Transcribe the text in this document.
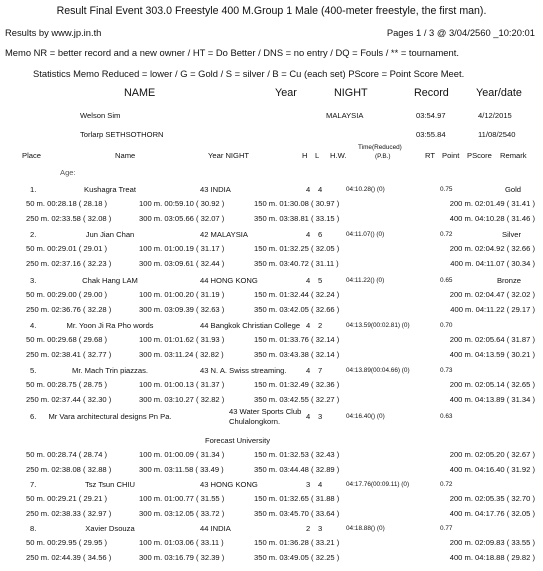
Result Final Event 303.0 Freestyle 400 M.Group 1 Male (400-meter freestyle, the first man).
Results by www.jp.in.th	Pages 1 / 3 @ 3/04/2560 _10:20:01
Memo NR = better record and a new owner / HT = Do Better / DNS = no entry / DQ = Fouls / ** = tournament.
Statistics Memo Reduced = lower / G = Gold / S = silver / B = Cu (each set) PScore = Point Score Meet.
NAME	Year	NIGHT	Record	Year/date
Welson Sim	MALAYSIA	03:54.97	4/12/2015
Torlarp SETHSOTHORN	03:55.84	11/08/2540
Place	Name	Year NIGHT	H L H.W.
Time(Reduced)
(P.B.)	RT Point PScore Remark
Age:
1.	Kushagra Treat	43 INDIA	4 4	04:10.28() (0)	0.75	Gold
50 m. 00:28.18 ( 28.18 )	100 m. 00:59.10 ( 30.92 )	150 m. 01:30.08 ( 30.97 )	200 m. 02:01.49 ( 31.41 )
250 m. 02:33.58 ( 32.08 )	300 m. 03:05.66 ( 32.07 )	350 m. 03:38.81 ( 33.15 )	400 m. 04:10.28 ( 31.46 )
2.	Jun Jian Chan	42 MALAYSIA	4 6	04:11.07() (0)	0.72	Silver
50 m. 00:29.01 ( 29.01 )	100 m. 01:00.19 ( 31.17 )	150 m. 01:32.25 ( 32.05 )	200 m. 02:04.92 ( 32.66 )
250 m. 02:37.16 ( 32.23 )	300 m. 03:09.61 ( 32.44 )	350 m. 03:40.72 ( 31.11 )	400 m. 04:11.07 ( 30.34 )
3.	Chak Hang LAM	44 HONG KONG	4 5	04:11.22() (0)	0.65	Bronze
50 m. 00:29.00 ( 29.00 )	100 m. 01:00.20 ( 31.19 )	150 m. 01:32.44 ( 32.24 )	200 m. 02:04.47 ( 32.02 )
250 m. 02:36.76 ( 32.28 )	300 m. 03:09.39 ( 32.63 )	350 m. 03:42.05 ( 32.66 )	400 m. 04:11.22 ( 29.17 )
4.	Mr. Yoon Ji Ra Pho words	44 Bangkok Christian College 4 2	04:13.59(00:02.81) (0)	0.70
50 m. 00:29.68 ( 29.68 )	100 m. 01:01.62 ( 31.93 )	150 m. 01:33.76 ( 32.14 )	200 m. 02:05.64 ( 31.87 )
250 m. 02:38.41 ( 32.77 )	300 m. 03:11.24 ( 32.82 )	350 m. 03:43.38 ( 32.14 )	400 m. 04:13.59 ( 30.21 )
5.	Mr. Mach Trin piazzas.	43 N. A. Swiss streaming.	4 7	04:13.89(00:04.66) (0)	0.73
50 m. 00:28.75 ( 28.75 )	100 m. 01:00.13 ( 31.37 )	150 m. 01:32.49 ( 32.36 )	200 m. 02:05.14 ( 32.65 )
250 m. 02:37.44 ( 32.30 )	300 m. 03:10.27 ( 32.82 )	350 m. 03:42.55 ( 32.27 )	400 m. 04:13.89 ( 31.34 )
6.	Mr Vara architectural designs Pn Pa.
43 Water Sports Club
Chulalongkorn.
Forecast University
4 3	04:16.40() (0)	0.63
50 m. 00:28.74 ( 28.74 )	100 m. 01:00.09 ( 31.34 )	150 m. 01:32.53 ( 32.43 )	200 m. 02:05.20 ( 32.67 )
250 m. 02:38.08 ( 32.88 )	300 m. 03:11.58 ( 33.49 )	350 m. 03:44.48 ( 32.89 )	400 m. 04:16.40 ( 31.92 )
7.	Tsz Tsun CHIU	43 HONG KONG	3 4	04:17.76(00:09.11) (0)	0.72
50 m. 00:29.21 ( 29.21 )	100 m. 01:00.77 ( 31.55 )	150 m. 01:32.65 ( 31.88 )	200 m. 02:05.35 ( 32.70 )
250 m. 02:38.33 ( 32.97 )	300 m. 03:12.05 ( 33.72 )	350 m. 03:45.70 ( 33.64 )	400 m. 04:17.76 ( 32.05 )
8.	Xavier Dsouza	44 INDIA	2 3	04:18.88() (0)	0.77
50 m. 00:29.95 ( 29.95 )	100 m. 01:03.06 ( 33.11 )	150 m. 01:36.28 ( 33.21 )	200 m. 02:09.83 ( 33.55 )
250 m. 02:44.39 ( 34.56 )	300 m. 03:16.79 ( 32.39 )	350 m. 03:49.05 ( 32.25 )	400 m. 04:18.88 ( 29.82 )
